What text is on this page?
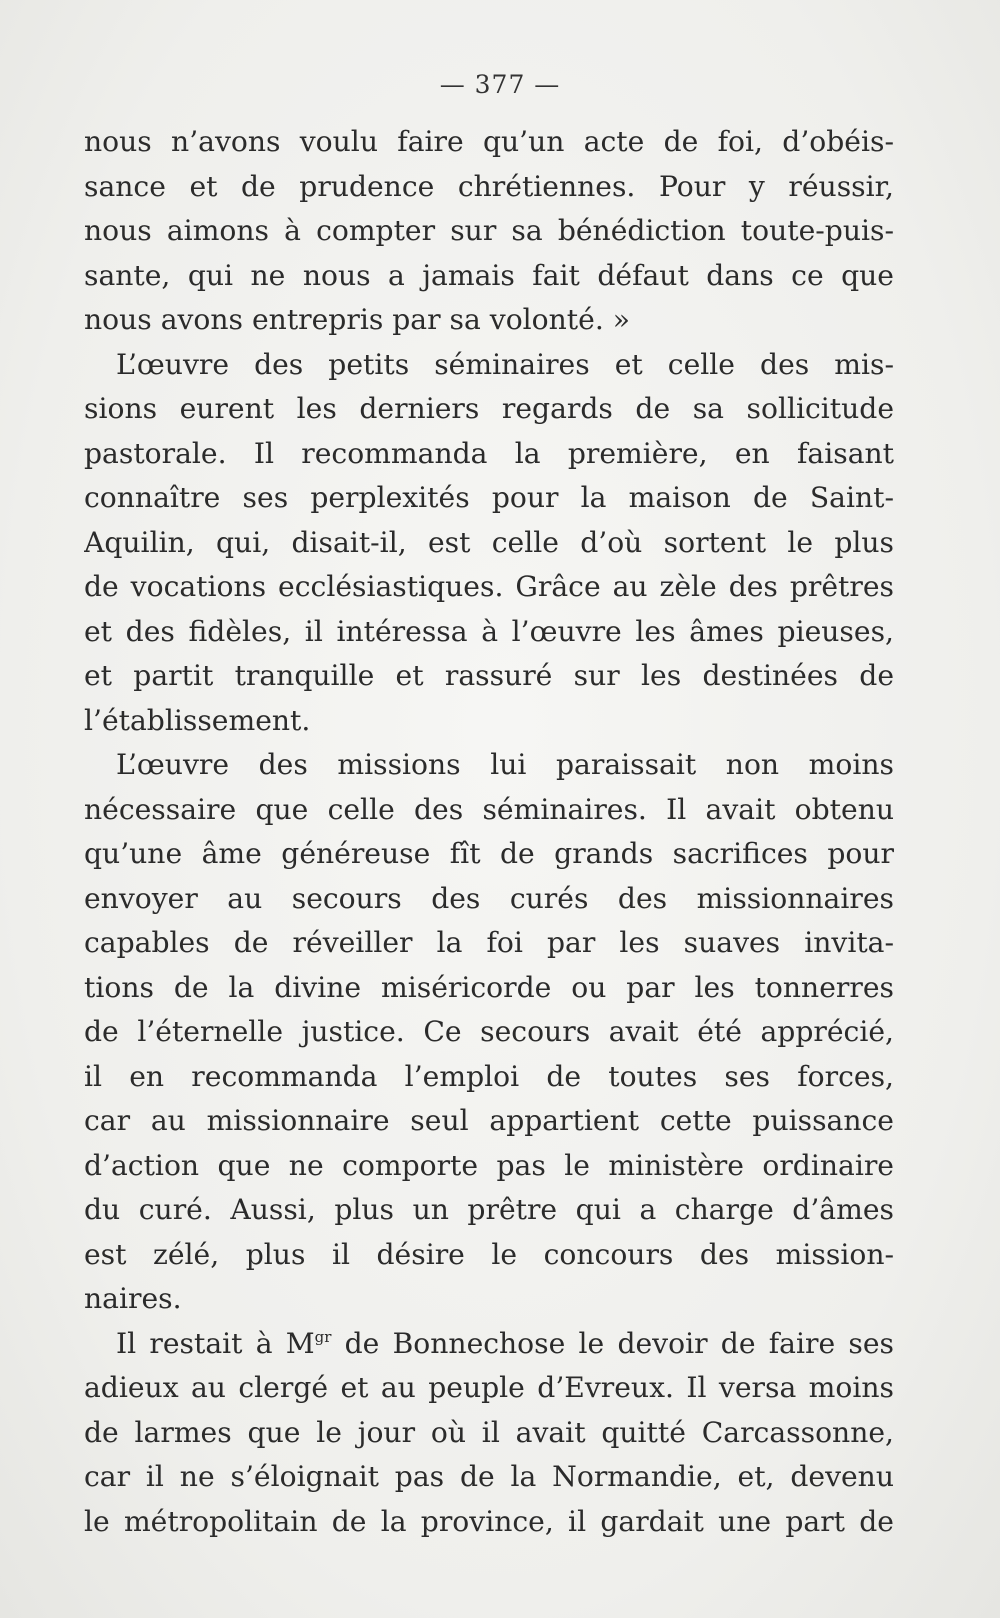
— 377 —
nous n’avons voulu faire qu’un acte de foi, d’obéis-
sance et de prudence chrétiennes. Pour y réussir,
nous aimons à compter sur sa bénédiction toute-puis-
sante, qui ne nous a jamais fait défaut dans ce que
nous avons entrepris par sa volonté. »
L’œuvre des petits séminaires et celle des mis-
sions eurent les derniers regards de sa sollicitude
pastorale. Il recommanda la première, en faisant
connaître ses perplexités pour la maison de Saint-
Aquilin, qui, disait-il, est celle d’où sortent le plus
de vocations ecclésiastiques. Grâce au zèle des prêtres
et des fidèles, il intéressa à l’œuvre les âmes pieuses,
et partit tranquille et rassuré sur les destinées de
l’établissement.
L’œuvre des missions lui paraissait non moins
nécessaire que celle des séminaires. Il avait obtenu
qu’une âme généreuse fît de grands sacrifices pour
envoyer au secours des curés des missionnaires
capables de réveiller la foi par les suaves invita-
tions de la divine miséricorde ou par les tonnerres
de l’éternelle justice. Ce secours avait été apprécié,
il en recommanda l’emploi de toutes ses forces,
car au missionnaire seul appartient cette puissance
d’action que ne comporte pas le ministère ordinaire
du curé. Aussi, plus un prêtre qui a charge d’âmes
est zélé, plus il désire le concours des mission-
naires.
Il restait à $M^{gr}$ de Bonnechose le devoir de faire ses
adieux au clergé et au peuple d’Evreux. Il versa moins
de larmes que le jour où il avait quitté Carcassonne,
car il ne s’éloignait pas de la Normandie, et, devenu
le métropolitain de la province, il gardait une part de
